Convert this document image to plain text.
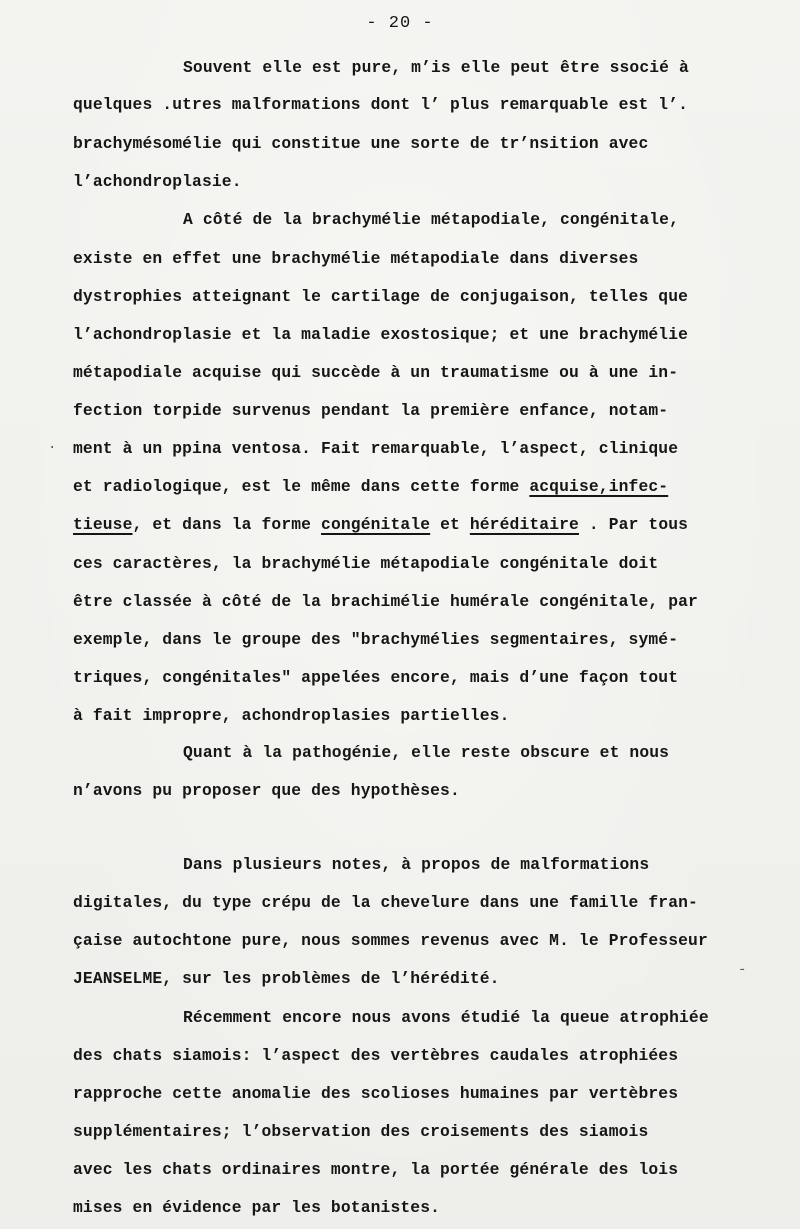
- 20 -
Souvent elle est pure, m’is elle peut être ssocié à
quelques .utres malformations dont l’ plus remarquable est l’.
brachymésomélie qui constitue une sorte de tr’nsition avec
l’achondroplasie.
A côté de la brachymélie métapodiale, congénitale,
existe en effet une brachymélie métapodiale dans diverses
dystrophies atteignant le cartilage de conjugaison, telles que
l’achondroplasie et la maladie exostosique; et une brachymélie
métapodiale acquise qui succède à un traumatisme ou à une in-
fection torpide survenus pendant la première enfance, notam-
ment à un ppina ventosa. Fait remarquable, l’aspect, clinique
et radiologique, est le même dans cette forme acquise,infec-
tieuse, et dans la forme congénitale et héréditaire . Par tous
ces caractères, la brachymélie métapodiale congénitale doit
être classée à côté de la brachimélie humérale congénitale, par
exemple, dans le groupe des "brachymélies segmentaires, symé-
triques, congénitales" appelées encore, mais d’une façon tout
à fait impropre, achondroplasies partielles.
Quant à la pathogénie, elle reste obscure et nous
n’avons pu proposer que des hypothèses.
Dans plusieurs notes, à propos de malformations
digitales, du type crépu de la chevelure dans une famille fran-
çaise autochtone pure, nous sommes revenus avec M. le Professeur
JEANSELME, sur les problèmes de l’hérédité.
Récemment encore nous avons étudié la queue atrophiée
des chats siamois: l’aspect des vertèbres caudales atrophiées
rapproche cette anomalie des scolioses humaines par vertèbres
supplémentaires; l’observation des croisements des siamois
avec les chats ordinaires montre, la portée générale des lois
mises en évidence par les botanistes.
·
-
